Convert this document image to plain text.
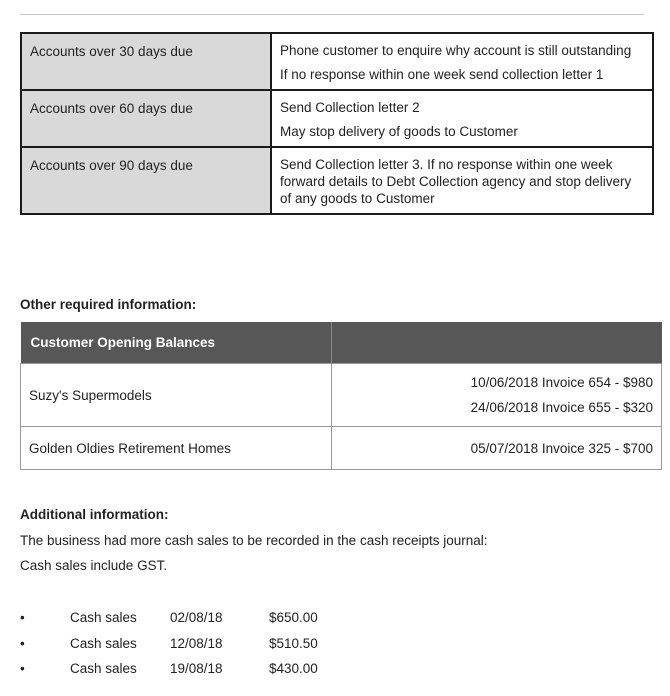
Accounts over 30 days due	Phone customer to enquire why account is still outstanding

If no response within one week send collection letter 1

Accounts over 60 days due	Send Collection letter 2

May stop delivery of goods to Customer

Accounts over 90 days due	Send Collection letter 3. If no response within one week forward details to Debt Collection agency and stop delivery of any goods to Customer

Other required information:
Customer Opening Balances	
Suzy's Supermodels	10/06/2018 Invoice 654 - $980
24/06/2018 Invoice 655 - $320

Golden Oldies Retirement Homes	05/07/2018 Invoice 325 - $700
Additional information:
The business had more cash sales to be recorded in the cash receipts journal:
Cash sales include GST.
•	Cash sales 02/08/18	$650.00
•	Cash sales 12/08/18	$510.50
•	Cash sales 19/08/18	$430.00
